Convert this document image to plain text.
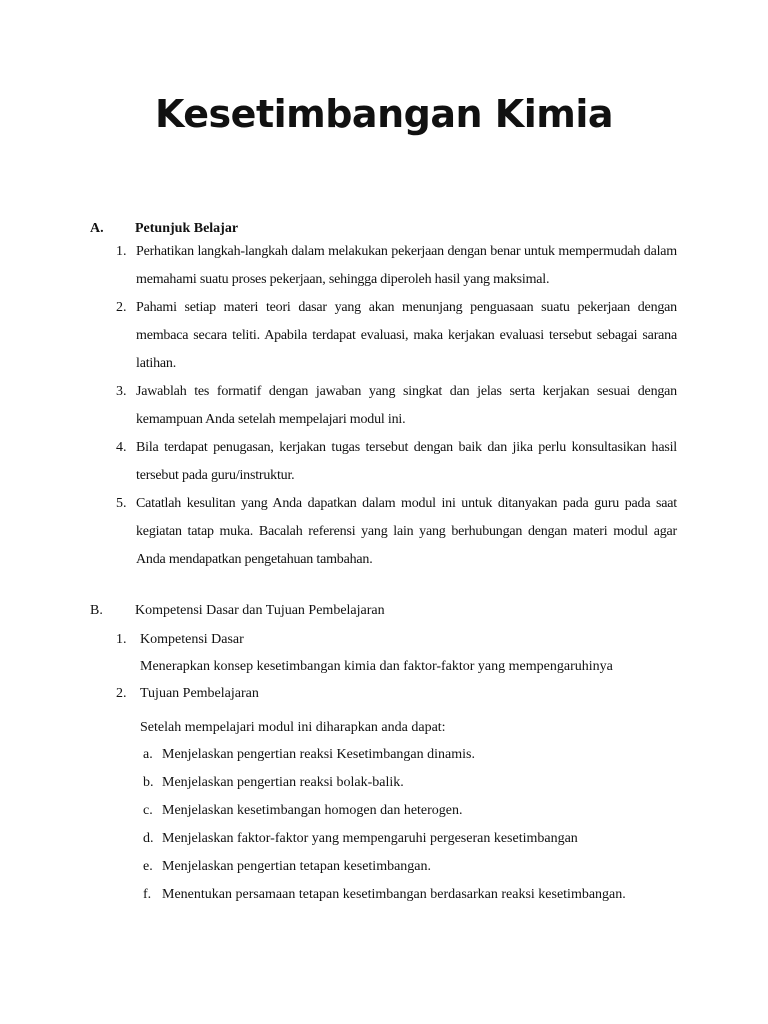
Kesetimbangan Kimia
A. Petunjuk Belajar
1. Perhatikan langkah-langkah dalam melakukan pekerjaan dengan benar untuk mempermudah dalam memahami suatu proses pekerjaan, sehingga diperoleh hasil yang maksimal.
2. Pahami setiap materi teori dasar yang akan menunjang penguasaan suatu pekerjaan dengan membaca secara teliti. Apabila terdapat evaluasi, maka kerjakan evaluasi tersebut sebagai sarana latihan.
3. Jawablah tes formatif dengan jawaban yang singkat dan jelas serta kerjakan sesuai dengan kemampuan Anda setelah mempelajari modul ini.
4. Bila terdapat penugasan, kerjakan tugas tersebut dengan baik dan jika perlu konsultasikan hasil tersebut pada guru/instruktur.
5. Catatlah kesulitan yang Anda dapatkan dalam modul ini untuk ditanyakan pada guru pada saat kegiatan tatap muka. Bacalah referensi yang lain yang berhubungan dengan materi modul agar Anda mendapatkan pengetahuan tambahan.
B. Kompetensi Dasar dan Tujuan Pembelajaran
1. Kompetensi Dasar
Menerapkan konsep kesetimbangan kimia dan faktor-faktor yang mempengaruhinya
2. Tujuan Pembelajaran
Setelah mempelajari modul ini diharapkan anda dapat:
a. Menjelaskan pengertian reaksi Kesetimbangan dinamis.
b. Menjelaskan pengertian reaksi bolak-balik.
c. Menjelaskan kesetimbangan homogen dan heterogen.
d. Menjelaskan faktor-faktor yang mempengaruhi pergeseran kesetimbangan
e. Menjelaskan pengertian tetapan kesetimbangan.
f. Menentukan persamaan tetapan kesetimbangan berdasarkan reaksi kesetimbangan.
